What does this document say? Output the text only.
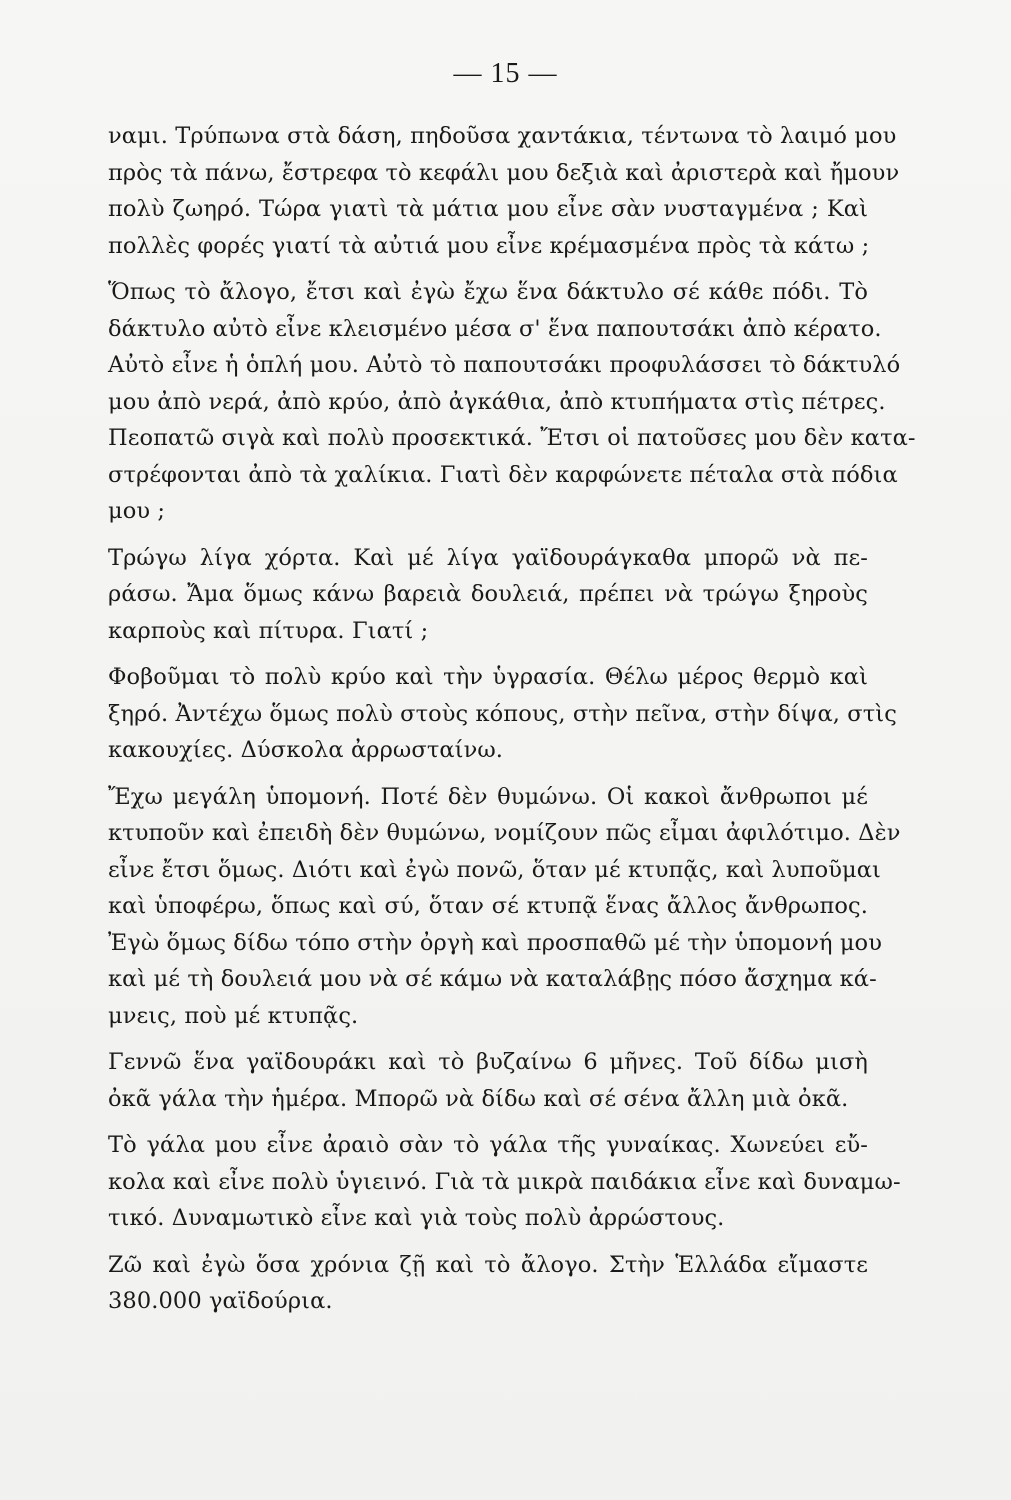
— 15 —

ναμι. Τρύπωνα στὰ δάση, πηδοῦσα χαντάκια, τέντωνα τὸ λαιμό μου
πρὸς τὰ πάνω, ἔστρεφα τὸ κεφάλι μου δεξιὰ καὶ ἀριστερὰ καὶ ἤμουν
πολὺ ζωηρό. Τώρα γιατὶ τὰ μάτια μου εἶνε σὰν νυσταγμένα ; Καὶ
πολλὲς φορές γιατί τὰ αὐτιά μου εἶνε κρέμασμένα πρὸς τὰ κάτω ;

Ὅπως τὸ ἄλογο, ἔτσι καὶ ἐγὼ ἔχω ἕνα δάκτυλο σέ κάθε πόδι. Τὸ
δάκτυλο αὐτὸ εἶνε κλεισμένο μέσα σ' ἕνα παπουτσάκι ἀπὸ κέρατο.
Αὐτὸ εἶνε ἡ ὁπλή μου. Αὐτὸ τὸ παπουτσάκι προφυλάσσει τὸ δάκτυλό
μου ἀπὸ νερά, ἀπὸ κρύο, ἀπὸ ἀγκάθια, ἀπὸ κτυπήματα στὶς πέτρες.
Πεοπατῶ σιγὰ καὶ πολὺ προσεκτικά. Ἔτσι οἱ πατοῦσες μου δὲν κατα-
στρέφονται ἀπὸ τὰ χαλίκια. Γιατὶ δὲν καρφώνετε πέταλα στὰ πόδια
μου ;

Τρώγω λίγα χόρτα. Καὶ μέ λίγα γαϊδουράγκαθα μπορῶ νὰ πε-
ράσω. Ἄμα ὅμως κάνω βαρειὰ δουλειά, πρέπει νὰ τρώγω ξηροὺς
καρποὺς καὶ πίτυρα. Γιατί ;

Φοβοῦμαι τὸ πολὺ κρύο καὶ τὴν ὑγρασία. Θέλω μέρος θερμὸ καὶ
ξηρό. Ἀντέχω ὅμως πολὺ στοὺς κόπους, στὴν πεῖνα, στὴν δίψα, στὶς
κακουχίες. Δύσκολα ἀρρωσταίνω.

Ἔχω μεγάλη ὑπομονή. Ποτέ δὲν θυμώνω. Οἱ κακοὶ ἄνθρωποι μέ
κτυποῦν καὶ ἐπειδὴ δὲν θυμώνω, νομίζουν πῶς εἶμαι ἀφιλότιμο. Δὲν
εἶνε ἔτσι ὅμως. Διότι καὶ ἐγὼ πονῶ, ὅταν μέ κτυπᾷς, καὶ λυποῦμαι
καὶ ὑποφέρω, ὅπως καὶ σύ, ὅταν σέ κτυπᾷ ἕνας ἄλλος ἄνθρωπος.
Ἐγὼ ὅμως δίδω τόπο στὴν ὀργὴ καὶ προσπαθῶ μέ τὴν ὑπομονή μου
καὶ μέ τὴ δουλειά μου νὰ σέ κάμω νὰ καταλάβῃς πόσο ἄσχημα κά-
μνεις, ποὺ μέ κτυπᾷς.

Γεννῶ ἕνα γαϊδουράκι καὶ τὸ βυζαίνω 6 μῆνες. Τοῦ δίδω μισὴ
ὀκᾶ γάλα τὴν ἡμέρα. Μπορῶ νὰ δίδω καὶ σέ σένα ἄλλη μιὰ ὀκᾶ.

Τὸ γάλα μου εἶνε ἀραιὸ σὰν τὸ γάλα τῆς γυναίκας. Χωνεύει εὔ-
κολα καὶ εἶνε πολὺ ὑγιεινό. Γιὰ τὰ μικρὰ παιδάκια εἶνε καὶ δυναμω-
τικό. Δυναμωτικὸ εἶνε καὶ γιὰ τοὺς πολὺ ἀρρώστους.

Ζῶ καὶ ἐγὼ ὅσα χρόνια ζῇ καὶ τὸ ἄλογο. Στὴν Ἑλλάδα εἴμαστε
380.000 γαϊδούρια.
